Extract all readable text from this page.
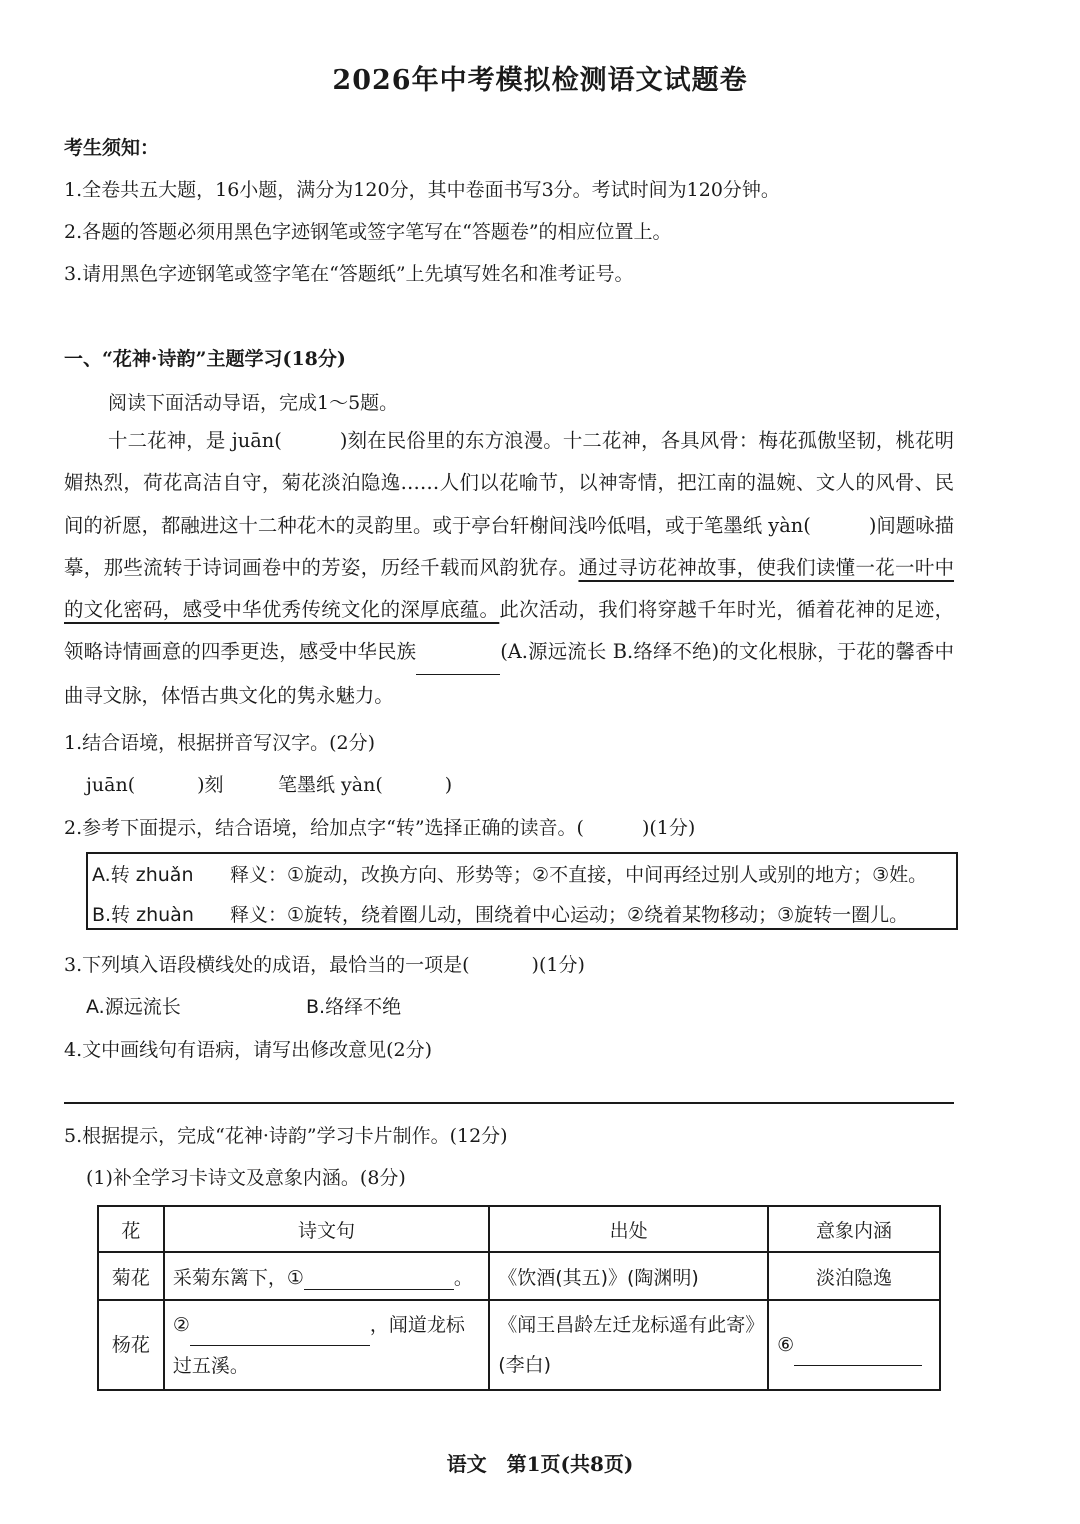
2026年中考模拟检测语文试题卷
考生须知：
1.全卷共五大题，16小题，满分为120分，其中卷面书写3分。考试时间为120分钟。
2.各题的答题必须用黑色字迹钢笔或签字笔写在“答题卷”的相应位置上。
3.请用黑色字迹钢笔或签字笔在“答题纸”上先填写姓名和准考证号。
一、“花神·诗韵”主题学习(18分)
阅读下面活动导语，完成1～5题。
十二花神，是 juān(	)刻在民俗里的东方浪漫。十二花神，各具风骨：梅花孤傲坚韧，桃花明媚热烈，荷花高洁自守，菊花淡泊隐逸……人们以花喻节，以神寄情，把江南的温婉、文人的风骨、民间的祈愿，都融进这十二种花木的灵韵里。或于亭台轩榭间浅吟低唱，或于笔墨纸 yàn(	)间题咏描摹，那些流转于诗词画卷中的芳姿，历经千载而风韵犹存。通过寻访花神故事，使我们读懂一花一叶中的文化密码，感受中华优秀传统文化的深厚底蕴。此次活动，我们将穿越千年时光，循着花神的足迹，领略诗情画意的四季更迭，感受中华民族	(A.源远流长 B.络绎不绝)的文化根脉，于花的馨香中曲寻文脉，体悟古典文化的隽永魅力。
1.结合语境，根据拼音写汉字。(2分)
juān(	)刻	笔墨纸 yàn(	)
2.参考下面提示，结合语境，给加点字“转”选择正确的读音。(	)(1分)
A.转 zhuǎn 释义：①旋动，改换方向、形势等；②不直接，中间再经过别人或别的地方；③姓。
B.转 zhuàn 释义：①旋转，绕着圈儿动，围绕着中心运动；②绕着某物移动；③旋转一圈儿。
3.下列填入语段横线处的成语，最恰当的一项是(	)(1分)
A.源远流长	B.络绎不绝
4.文中画线句有语病，请写出修改意见(2分)
5.根据提示，完成“花神·诗韵”学习卡片制作。(12分)
(1)补全学习卡诗文及意象内涵。(8分)
花	诗文句	出处	意象内涵
菊花	采菊东篱下，① 。	《饮酒(其五)》(陶渊明)	淡泊隐逸
杨花	② ，闻道龙标过五溪。	《闻王昌龄左迁龙标遥有此寄》(李白)	⑥
语文　第1页(共8页)
